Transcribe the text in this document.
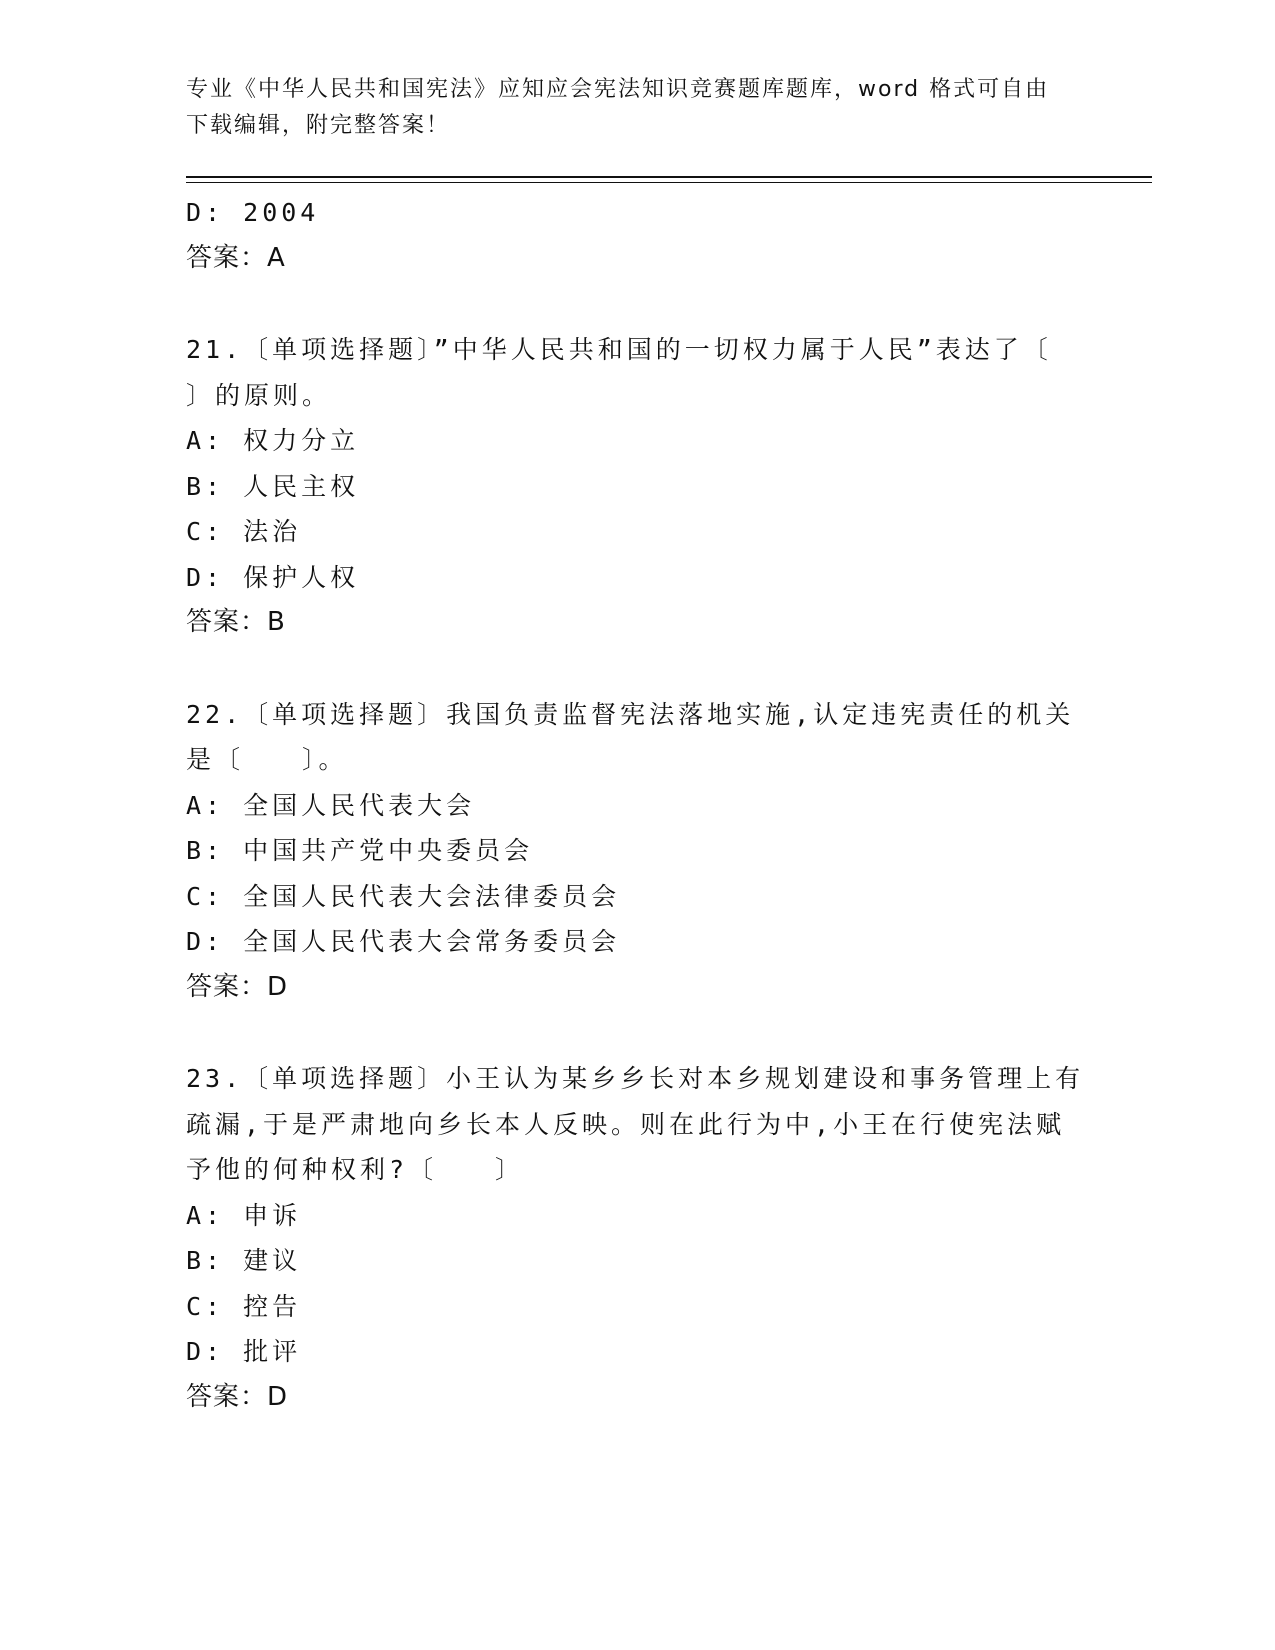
专业《中华人民共和国宪法》应知应会宪法知识竞赛题库题库，word 格式可自由
下载编辑，附完整答案！
D: 2004
答案：A
21.〔单项选择题〕”中华人民共和国的一切权力属于人民”表达了〔
〕的原则。
A: 权力分立
B: 人民主权
C: 法治
D: 保护人权
答案：B
22.〔单项选择题〕我国负责监督宪法落地实施,认定违宪责任的机关
是〔　　〕。
A: 全国人民代表大会
B: 中国共产党中央委员会
C: 全国人民代表大会法律委员会
D: 全国人民代表大会常务委员会
答案：D
23.〔单项选择题〕小王认为某乡乡长对本乡规划建设和事务管理上有
疏漏,于是严肃地向乡长本人反映。则在此行为中,小王在行使宪法赋
予他的何种权利?〔　　〕
A: 申诉
B: 建议
C: 控告
D: 批评
答案：D
